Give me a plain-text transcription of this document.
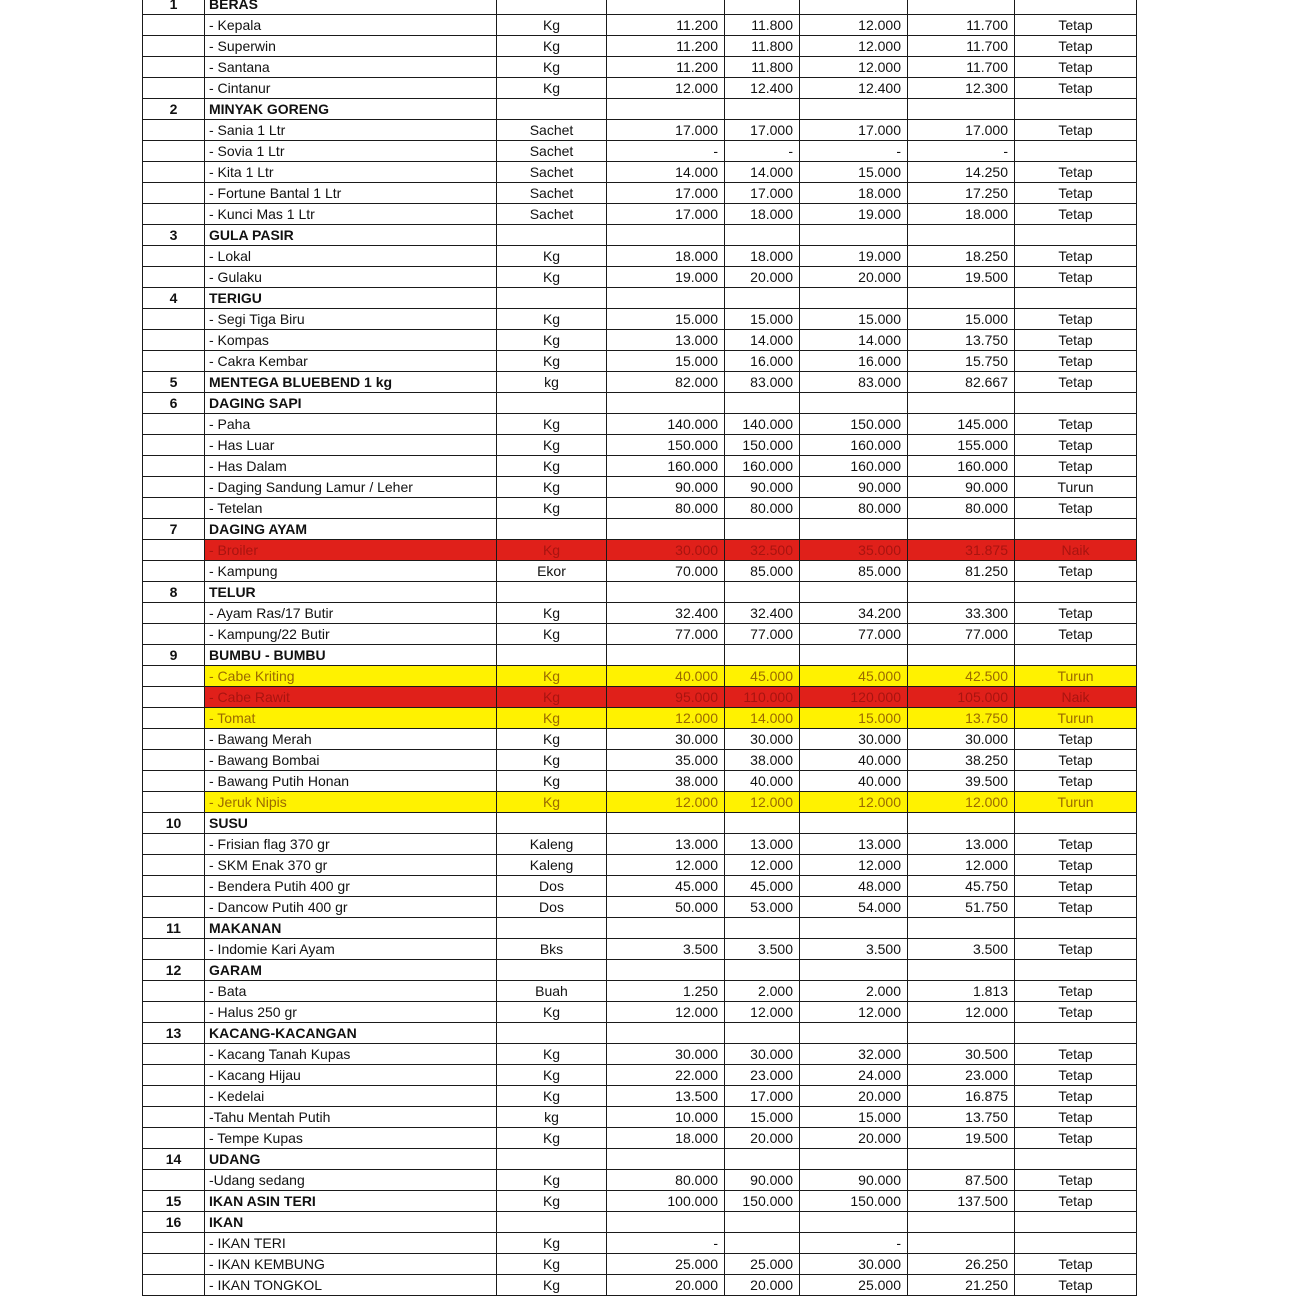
1	BERAS						
	- Kepala	Kg	11.200	11.800	12.000	11.700	Tetap
	- Superwin	Kg	11.200	11.800	12.000	11.700	Tetap
	- Santana	Kg	11.200	11.800	12.000	11.700	Tetap
	- Cintanur	Kg	12.000	12.400	12.400	12.300	Tetap
2	MINYAK GORENG						
	- Sania 1 Ltr	Sachet	17.000	17.000	17.000	17.000	Tetap
	- Sovia 1 Ltr	Sachet	-	-	-	-	
	- Kita 1 Ltr	Sachet	14.000	14.000	15.000	14.250	Tetap
	- Fortune Bantal 1 Ltr	Sachet	17.000	17.000	18.000	17.250	Tetap
	- Kunci Mas 1 Ltr	Sachet	17.000	18.000	19.000	18.000	Tetap
3	GULA PASIR						
	- Lokal	Kg	18.000	18.000	19.000	18.250	Tetap
	- Gulaku	Kg	19.000	20.000	20.000	19.500	Tetap
4	TERIGU						
	- Segi Tiga Biru	Kg	15.000	15.000	15.000	15.000	Tetap
	- Kompas	Kg	13.000	14.000	14.000	13.750	Tetap
	- Cakra Kembar	Kg	15.000	16.000	16.000	15.750	Tetap
5	MENTEGA BLUEBEND 1 kg	kg	82.000	83.000	83.000	82.667	Tetap
6	DAGING SAPI						
	- Paha	Kg	140.000	140.000	150.000	145.000	Tetap
	- Has Luar	Kg	150.000	150.000	160.000	155.000	Tetap
	- Has Dalam	Kg	160.000	160.000	160.000	160.000	Tetap
	- Daging Sandung Lamur / Leher	Kg	90.000	90.000	90.000	90.000	Turun
	- Tetelan	Kg	80.000	80.000	80.000	80.000	Tetap
7	DAGING AYAM						
	- Broiler	Kg	30.000	32.500	35.000	31.875	Naik
	- Kampung	Ekor	70.000	85.000	85.000	81.250	Tetap
8	TELUR						
	- Ayam Ras/17 Butir	Kg	32.400	32.400	34.200	33.300	Tetap
	- Kampung/22 Butir	Kg	77.000	77.000	77.000	77.000	Tetap
9	BUMBU - BUMBU						
	- Cabe Kriting	Kg	40.000	45.000	45.000	42.500	Turun
	- Cabe Rawit	Kg	95.000	110.000	120.000	105.000	Naik
	- Tomat	Kg	12.000	14.000	15.000	13.750	Turun
	- Bawang Merah	Kg	30.000	30.000	30.000	30.000	Tetap
	- Bawang Bombai	Kg	35.000	38.000	40.000	38.250	Tetap
	- Bawang Putih Honan	Kg	38.000	40.000	40.000	39.500	Tetap
	- Jeruk Nipis	Kg	12.000	12.000	12.000	12.000	Turun
10	SUSU						
	- Frisian flag 370 gr	Kaleng	13.000	13.000	13.000	13.000	Tetap
	- SKM Enak 370 gr	Kaleng	12.000	12.000	12.000	12.000	Tetap
	- Bendera Putih 400 gr	Dos	45.000	45.000	48.000	45.750	Tetap
	- Dancow Putih 400 gr	Dos	50.000	53.000	54.000	51.750	Tetap
11	MAKANAN						
	- Indomie Kari Ayam	Bks	3.500	3.500	3.500	3.500	Tetap
12	GARAM						
	- Bata	Buah	1.250	2.000	2.000	1.813	Tetap
	- Halus 250 gr	Kg	12.000	12.000	12.000	12.000	Tetap
13	KACANG-KACANGAN						
	- Kacang Tanah Kupas	Kg	30.000	30.000	32.000	30.500	Tetap
	- Kacang Hijau	Kg	22.000	23.000	24.000	23.000	Tetap
	- Kedelai	Kg	13.500	17.000	20.000	16.875	Tetap
	-Tahu Mentah Putih	kg	10.000	15.000	15.000	13.750	Tetap
	- Tempe Kupas	Kg	18.000	20.000	20.000	19.500	Tetap
14	UDANG						
	-Udang sedang	Kg	80.000	90.000	90.000	87.500	Tetap
15	IKAN ASIN TERI	Kg	100.000	150.000	150.000	137.500	Tetap
16	IKAN						
	- IKAN TERI	Kg	-		-		
	- IKAN KEMBUNG	Kg	25.000	25.000	30.000	26.250	Tetap
	- IKAN TONGKOL	Kg	20.000	20.000	25.000	21.250	Tetap
